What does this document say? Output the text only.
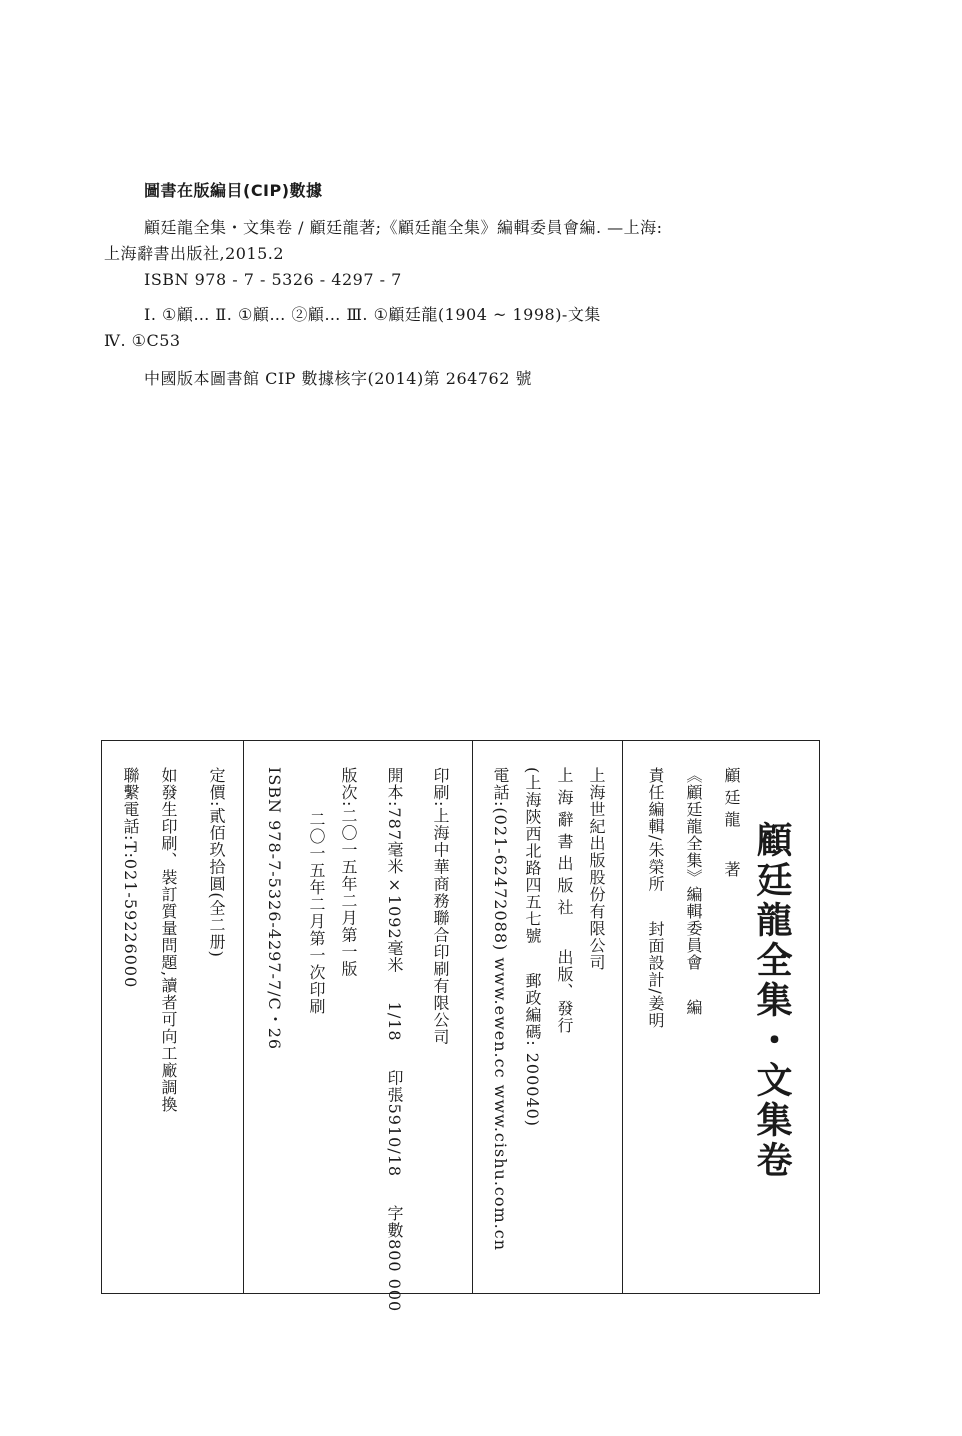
圖書在版編目(CIP)數據
顧廷龍全集・文集卷 / 顧廷龍著;《顧廷龍全集》編輯委員會編. —上海:
上海辭書出版社,2015.2
ISBN 978 - 7 - 5326 - 4297 - 7
Ⅰ. ①顧… Ⅱ. ①顧… ②顧… Ⅲ. ①顧廷龍(1904 ~ 1998)-文集
Ⅳ. ①C53
中國版本圖書館 CIP 數據核字(2014)第 264762 號
顧廷龍全集・文集卷
顧廷龍著
《顧廷龍全集》編輯委員會編
責任編輯/朱榮所封面設計/姜明
上海世紀出版股份有限公司
上海辭書出版社出版、發行
(上海陝西北路四五七號郵政編碼: 200040)
電話:(021-62472088) www.ewen.cc www.cishu.com.cn
印刷:上海中華商務聯合印刷有限公司
開本:787毫米×1092毫米1/18印張5910/18字數800 000
版次:二〇一五年二月第一版
二〇一五年二月第一次印刷
ISBN 978-7-5326-4297-7/C・26
定價:貳佰玖拾圓(全二册)
如發生印刷、裝訂質量問題,讀者可向工廠調換
聯繫電話:T:021-59226000
